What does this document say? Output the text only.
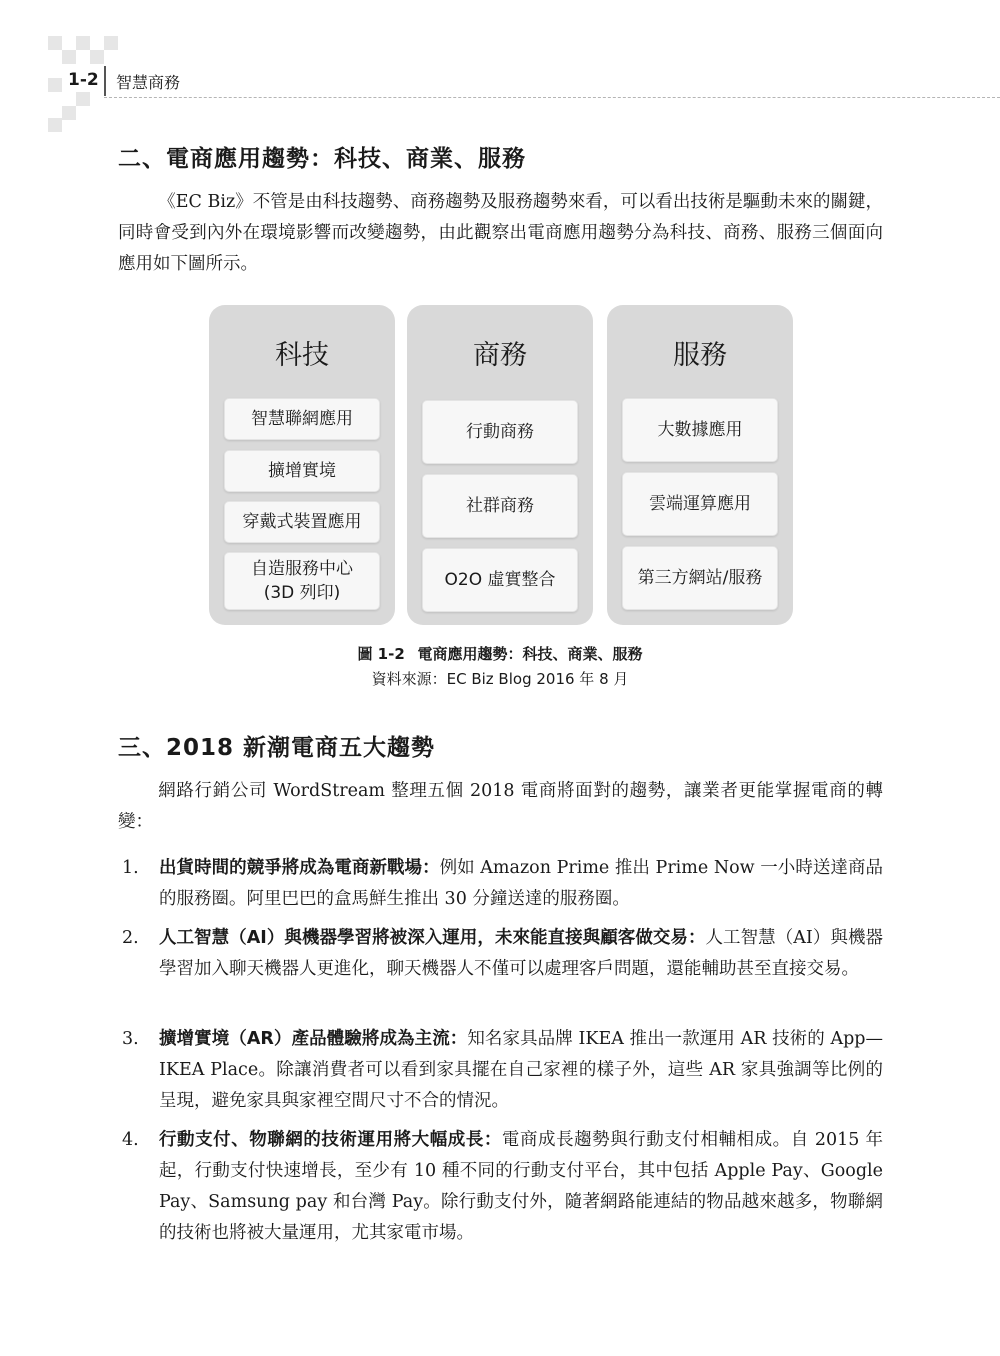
1-2 智慧商務
二、電商應用趨勢：科技、商業、服務

《EC Biz》不管是由科技趨勢、商務趨勢及服務趨勢來看，可以看出技術是驅動未來的關鍵，同時會受到內外在環境影響而改變趨勢，由此觀察出電商應用趨勢分為科技、商務、服務三個面向應用如下圖所示。

科技
智慧聯網應用
擴增實境
穿戴式裝置應用
自造服務中心
(3D 列印)
商務
行動商務
社群商務
O2O 虛實整合
服務
大數據應用
雲端運算應用
第三方網站/服務
圖 1-2 電商應用趨勢：科技、商業、服務
資料來源：EC Biz Blog 2016 年 8 月
三、2018 新潮電商五大趨勢

網路行銷公司 WordStream 整理五個 2018 電商將面對的趨勢，讓業者更能掌握電商的轉變：

1. 出貨時間的競爭將成為電商新戰場：例如 Amazon Prime 推出 Prime Now 一小時送達商品的服務圈。阿里巴巴的盒馬鮮生推出 30 分鐘送達的服務圈。
2. 人工智慧（AI）與機器學習將被深入運用，未來能直接與顧客做交易：人工智慧（AI）與機器學習加入聊天機器人更進化，聊天機器人不僅可以處理客戶問題，還能輔助甚至直接交易。
3. 擴增實境（AR）產品體驗將成為主流：知名家具品牌 IKEA 推出一款運用 AR 技術的 App—IKEA Place。除讓消費者可以看到家具擺在自己家裡的樣子外，這些 AR 家具強調等比例的呈現，避免家具與家裡空間尺寸不合的情況。
4. 行動支付、物聯網的技術運用將大幅成長：電商成長趨勢與行動支付相輔相成。自 2015 年起，行動支付快速增長，至少有 10 種不同的行動支付平台，其中包括 Apple Pay、Google Pay、Samsung pay 和台灣 Pay。除行動支付外，隨著網路能連結的物品越來越多，物聯網的技術也將被大量運用，尤其家電市場。
